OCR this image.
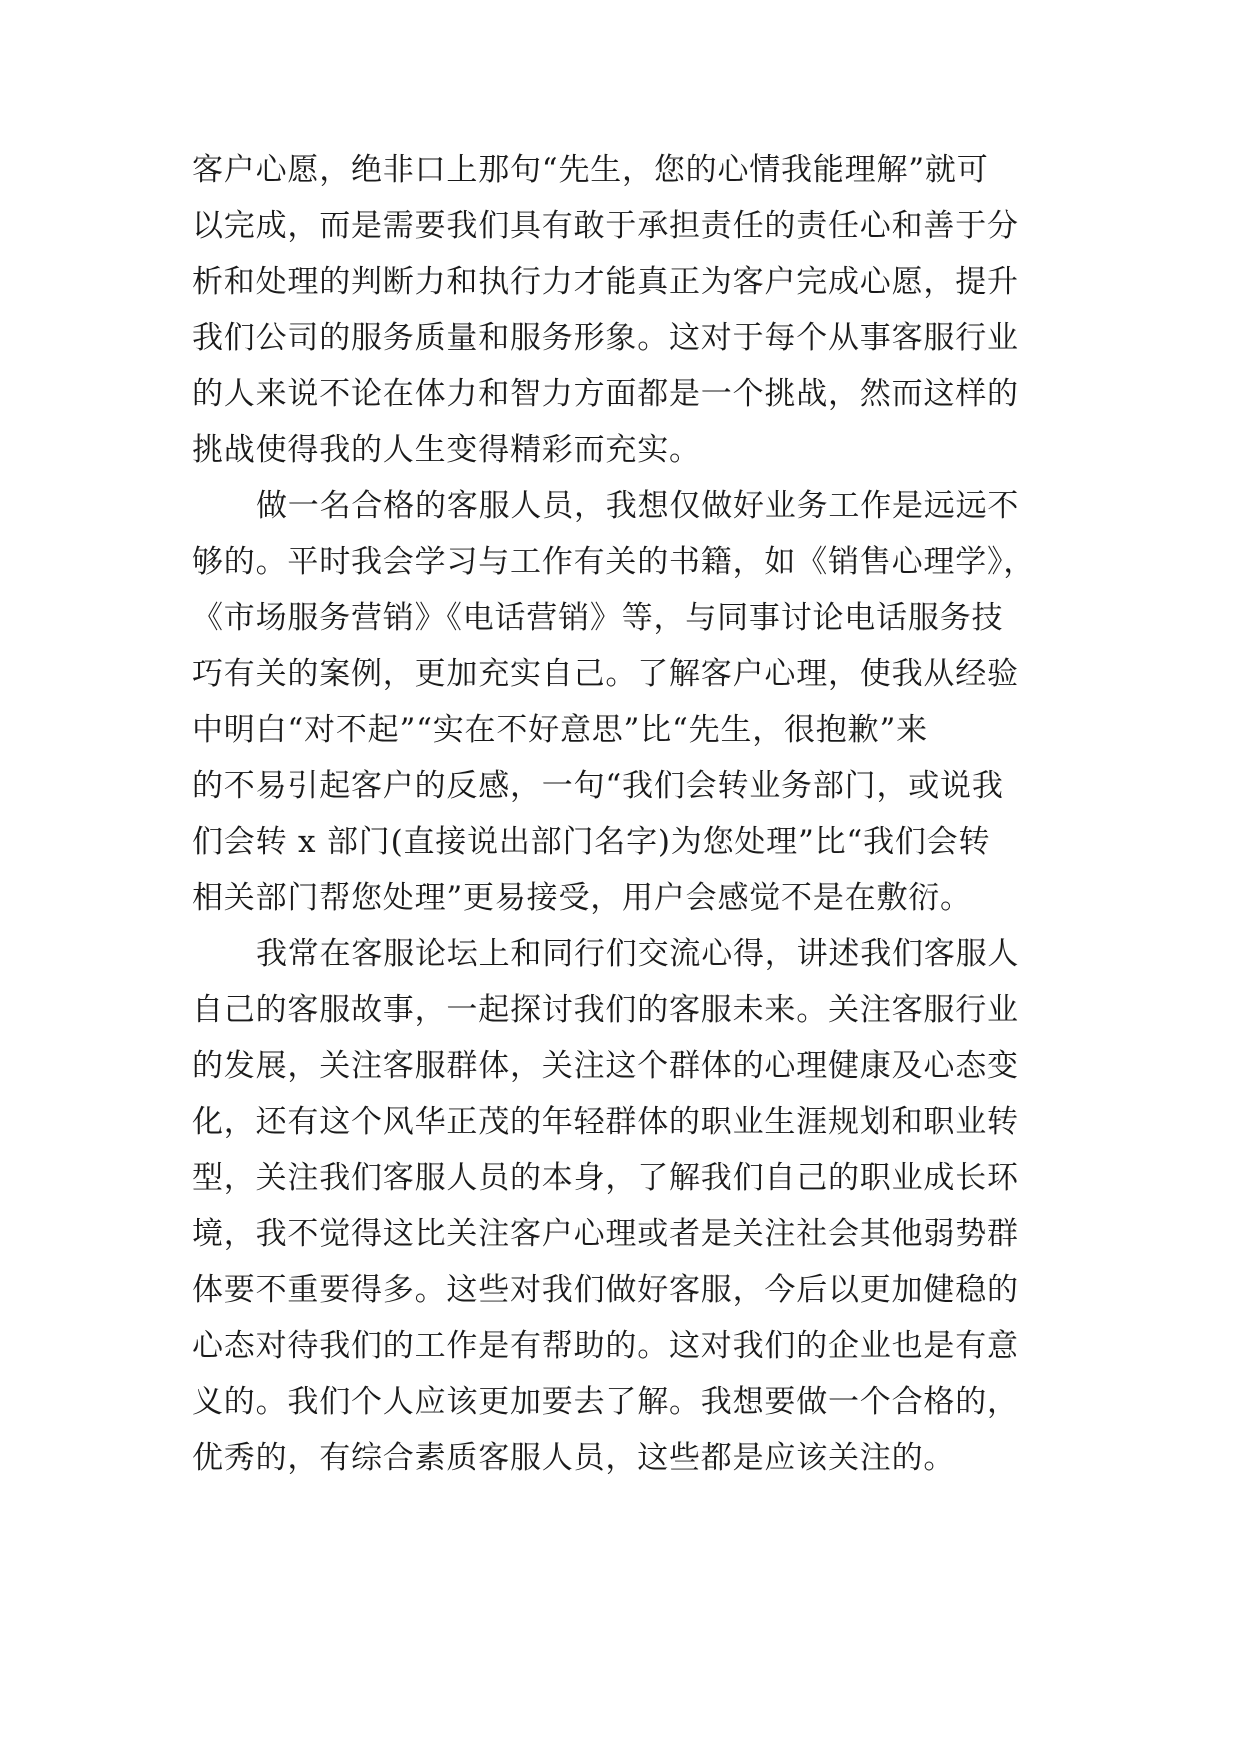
客户心愿，绝非口上那句“先生，您的心情我能理解”就可
以完成，而是需要我们具有敢于承担责任的责任心和善于分
析和处理的判断力和执行力才能真正为客户完成心愿，提升
我们公司的服务质量和服务形象。这对于每个从事客服行业
的人来说不论在体力和智力方面都是一个挑战，然而这样的
挑战使得我的人生变得精彩而充实。
做一名合格的客服人员，我想仅做好业务工作是远远不
够的。平时我会学习与工作有关的书籍，如《销售心理学》，
《市场服务营销》《电话营销》等，与同事讨论电话服务技
巧有关的案例，更加充实自己。了解客户心理，使我从经验
中明白“对不起”“实在不好意思”比“先生，很抱歉”来
的不易引起客户的反感，一句“我们会转业务部门，或说我
们会转 x 部门(直接说出部门名字)为您处理”比“我们会转
相关部门帮您处理”更易接受，用户会感觉不是在敷衍。
我常在客服论坛上和同行们交流心得，讲述我们客服人
自己的客服故事，一起探讨我们的客服未来。关注客服行业
的发展，关注客服群体，关注这个群体的心理健康及心态变
化，还有这个风华正茂的年轻群体的职业生涯规划和职业转
型，关注我们客服人员的本身，了解我们自己的职业成长环
境，我不觉得这比关注客户心理或者是关注社会其他弱势群
体要不重要得多。这些对我们做好客服，今后以更加健稳的
心态对待我们的工作是有帮助的。这对我们的企业也是有意
义的。我们个人应该更加要去了解。我想要做一个合格的，
优秀的，有综合素质客服人员，这些都是应该关注的。
